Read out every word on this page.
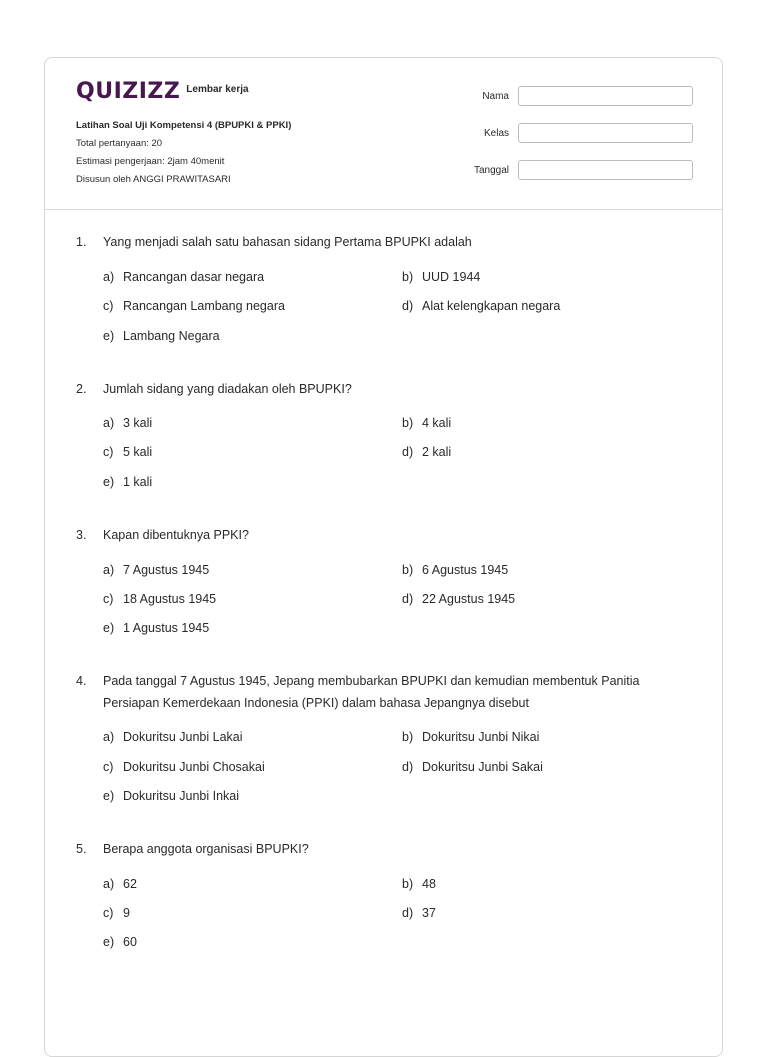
QUIZIZZ Lembar kerja
Latihan Soal Uji Kompetensi 4 (BPUPKI & PPKI)
Total pertanyaan: 20
Estimasi pengerjaan: 2jam 40menit
Disusun oleh ANGGI PRAWITASARI
Nama
Kelas
Tanggal
1.	Yang menjadi salah satu bahasan sidang Pertama BPUPKI adalah
a) Rancangan dasar negara	b) UUD 1944
c) Rancangan Lambang negara	d) Alat kelengkapan negara
e) Lambang Negara
2.	Jumlah sidang yang diadakan oleh BPUPKI?
a) 3 kali	b) 4 kali
c) 5 kali	d) 2 kali
e) 1 kali
3.	Kapan dibentuknya PPKI?
a) 7 Agustus 1945	b) 6 Agustus 1945
c) 18 Agustus 1945	d) 22 Agustus 1945
e) 1 Agustus 1945
4.	Pada tanggal 7 Agustus 1945, Jepang membubarkan BPUPKI dan kemudian membentuk Panitia Persiapan Kemerdekaan Indonesia (PPKI) dalam bahasa Jepangnya disebut
a) Dokuritsu Junbi Lakai	b) Dokuritsu Junbi Nikai
c) Dokuritsu Junbi Chosakai	d) Dokuritsu Junbi Sakai
e) Dokuritsu Junbi Inkai
5.	Berapa anggota organisasi BPUPKI?
a) 62	b) 48
c) 9	d) 37
e) 60
